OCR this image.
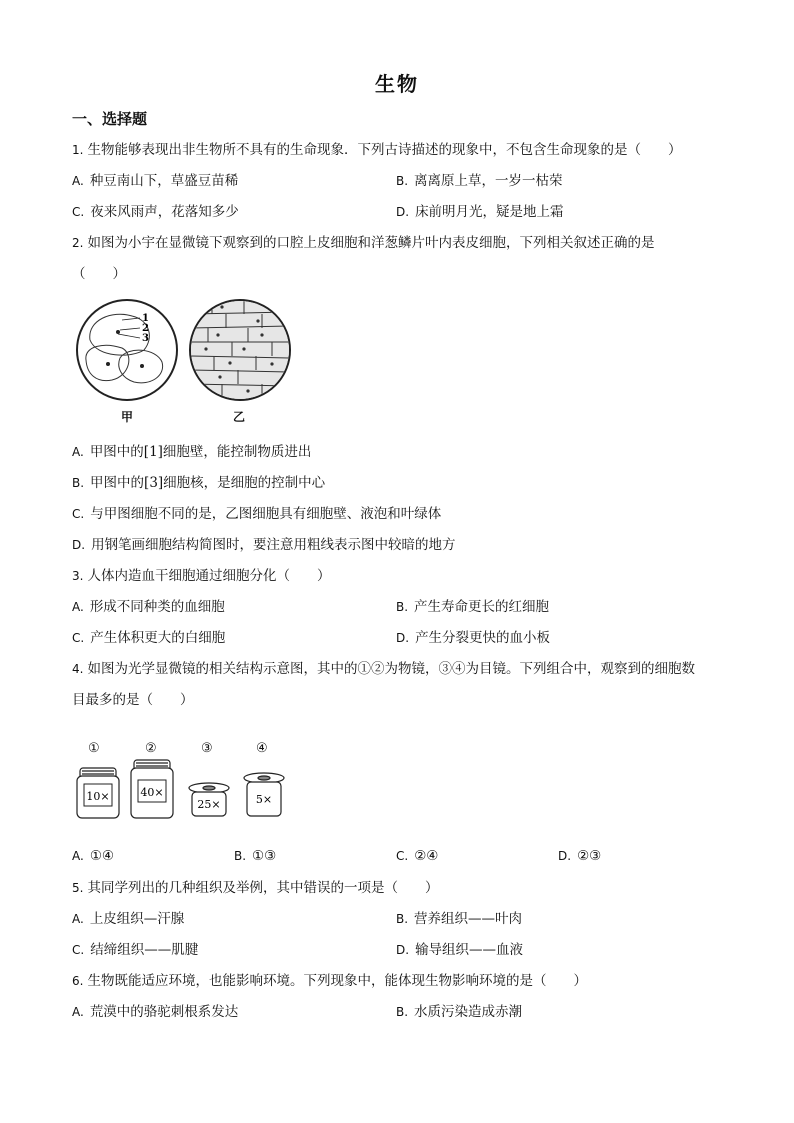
生物
一、选择题
1. 生物能够表现出非生物所不具有的生命现象．下列古诗描述的现象中，不包含生命现象的是（　　）
A. 种豆南山下，草盛豆苗稀	B. 离离原上草，一岁一枯荣
C. 夜来风雨声，花落知多少	D. 床前明月光，疑是地上霜
2. 如图为小宇在显微镜下观察到的口腔上皮细胞和洋葱鳞片叶内表皮细胞，下列相关叙述正确的是
（　　）
1
2
3
甲	乙
A. 甲图中的[1]细胞壁，能控制物质进出
B. 甲图中的[3]细胞核，是细胞的控制中心
C. 与甲图细胞不同的是，乙图细胞具有细胞壁、液泡和叶绿体
D. 用钢笔画细胞结构简图时，要注意用粗线表示图中较暗的地方
3. 人体内造血干细胞通过细胞分化（　　）
A. 形成不同种类的血细胞	B. 产生寿命更长的红细胞
C. 产生体积更大的白细胞	D. 产生分裂更快的血小板
4. 如图为光学显微镜的相关结构示意图，其中的①②为物镜，③④为目镜。下列组合中，观察到的细胞数
目最多的是（　　）
①	②	③	④
10×	40×
25×	5×
A. ①④	B. ①③	C. ②④	D. ②③
5. 其同学列出的几种组织及举例，其中错误的一项是（　　）
A. 上皮组织—汗腺	B. 营养组织——叶肉
C. 结缔组织——肌腱	D. 输导组织——血液
6. 生物既能适应环境，也能影响环境。下列现象中，能体现生物影响环境的是（　　）
A. 荒漠中的骆驼刺根系发达	B. 水质污染造成赤潮
